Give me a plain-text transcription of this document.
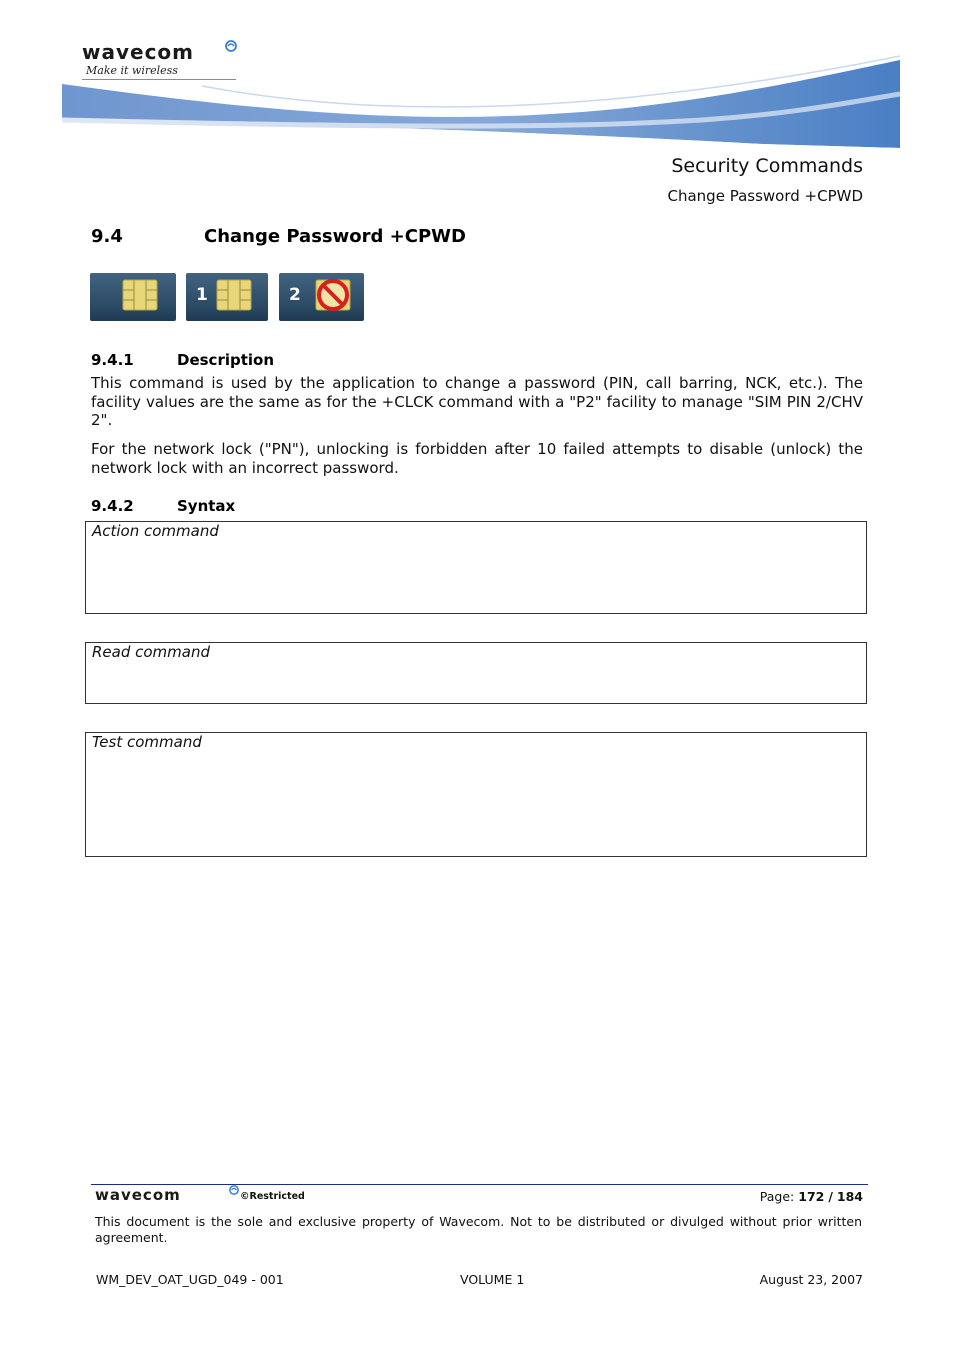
wavecom
Make it wireless
Security Commands
Change Password +CPWD
9.4	Change Password +CPWD
1	2
9.4.1	Description

This command is used by the application to change a password (PIN, call barring, NCK, etc.). The facility values are the same as for the +CLCK command with a "P2" facility to manage "SIM PIN 2/CHV 2".

For the network lock ("PN"), unlocking is forbidden after 10 failed attempts to disable (unlock) the network lock with an incorrect password.

9.4.2	Syntax
Action command
Read command
Test command
wavecom	©Restricted	Page: 172 / 184

This document is the sole and exclusive property of Wavecom. Not to be distributed or divulged without prior written agreement.

WM_DEV_OAT_UGD_049 - 001	VOLUME 1	August 23, 2007
